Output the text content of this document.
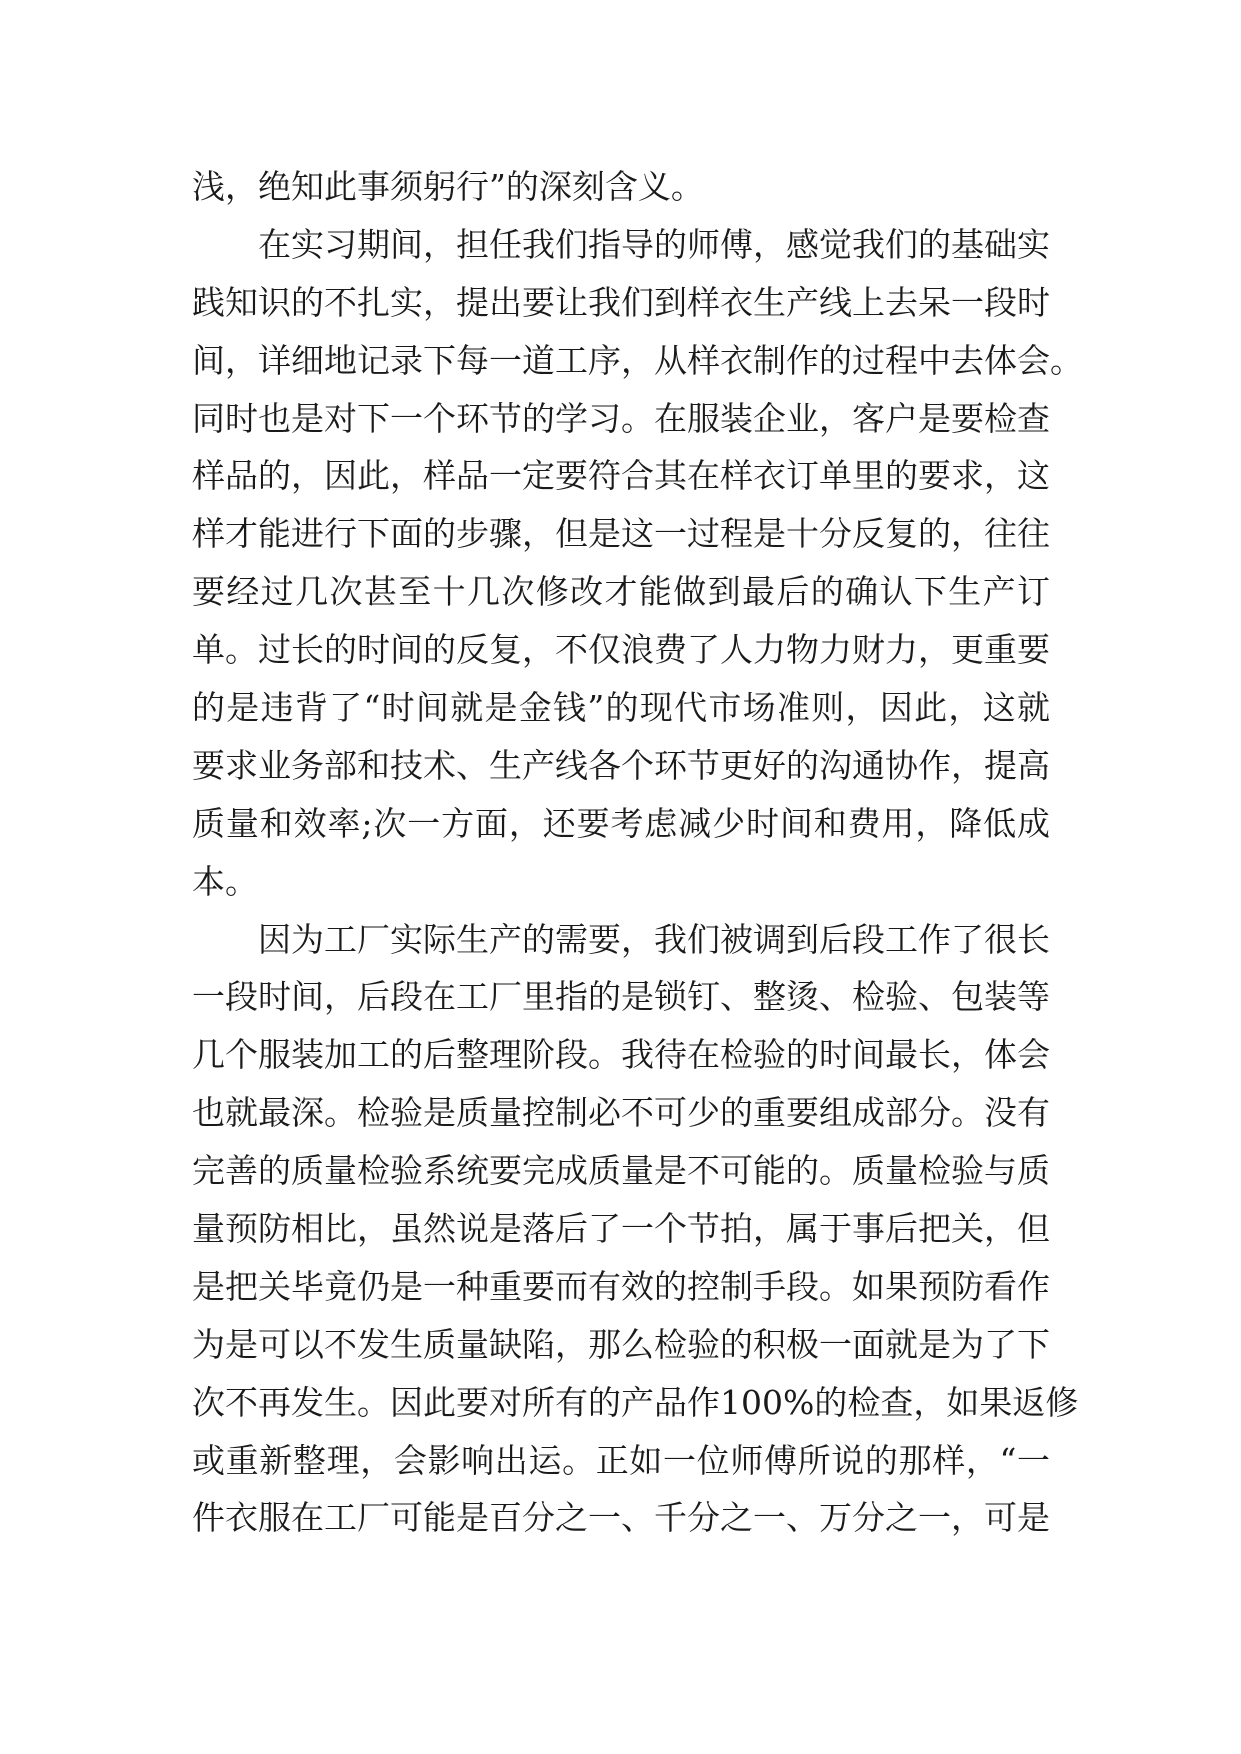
浅，绝知此事须躬行”的深刻含义。
在实习期间，担任我们指导的师傅，感觉我们的基础实
践知识的不扎实，提出要让我们到样衣生产线上去呆一段时
间，详细地记录下每一道工序，从样衣制作的过程中去体会。
同时也是对下一个环节的学习。在服装企业，客户是要检查
样品的，因此，样品一定要符合其在样衣订单里的要求，这
样才能进行下面的步骤，但是这一过程是十分反复的，往往
要经过几次甚至十几次修改才能做到最后的确认下生产订
单。过长的时间的反复，不仅浪费了人力物力财力，更重要
的是违背了“时间就是金钱”的现代市场准则，因此，这就
要求业务部和技术、生产线各个环节更好的沟通协作，提高
质量和效率;次一方面，还要考虑减少时间和费用，降低成
本。
因为工厂实际生产的需要，我们被调到后段工作了很长
一段时间，后段在工厂里指的是锁钉、整烫、检验、包装等
几个服装加工的后整理阶段。我待在检验的时间最长，体会
也就最深。检验是质量控制必不可少的重要组成部分。没有
完善的质量检验系统要完成质量是不可能的。质量检验与质
量预防相比，虽然说是落后了一个节拍，属于事后把关，但
是把关毕竟仍是一种重要而有效的控制手段。如果预防看作
为是可以不发生质量缺陷，那么检验的积极一面就是为了下
次不再发生。因此要对所有的产品作100%的检查，如果返修
或重新整理，会影响出运。正如一位师傅所说的那样，“一
件衣服在工厂可能是百分之一、千分之一、万分之一，可是
